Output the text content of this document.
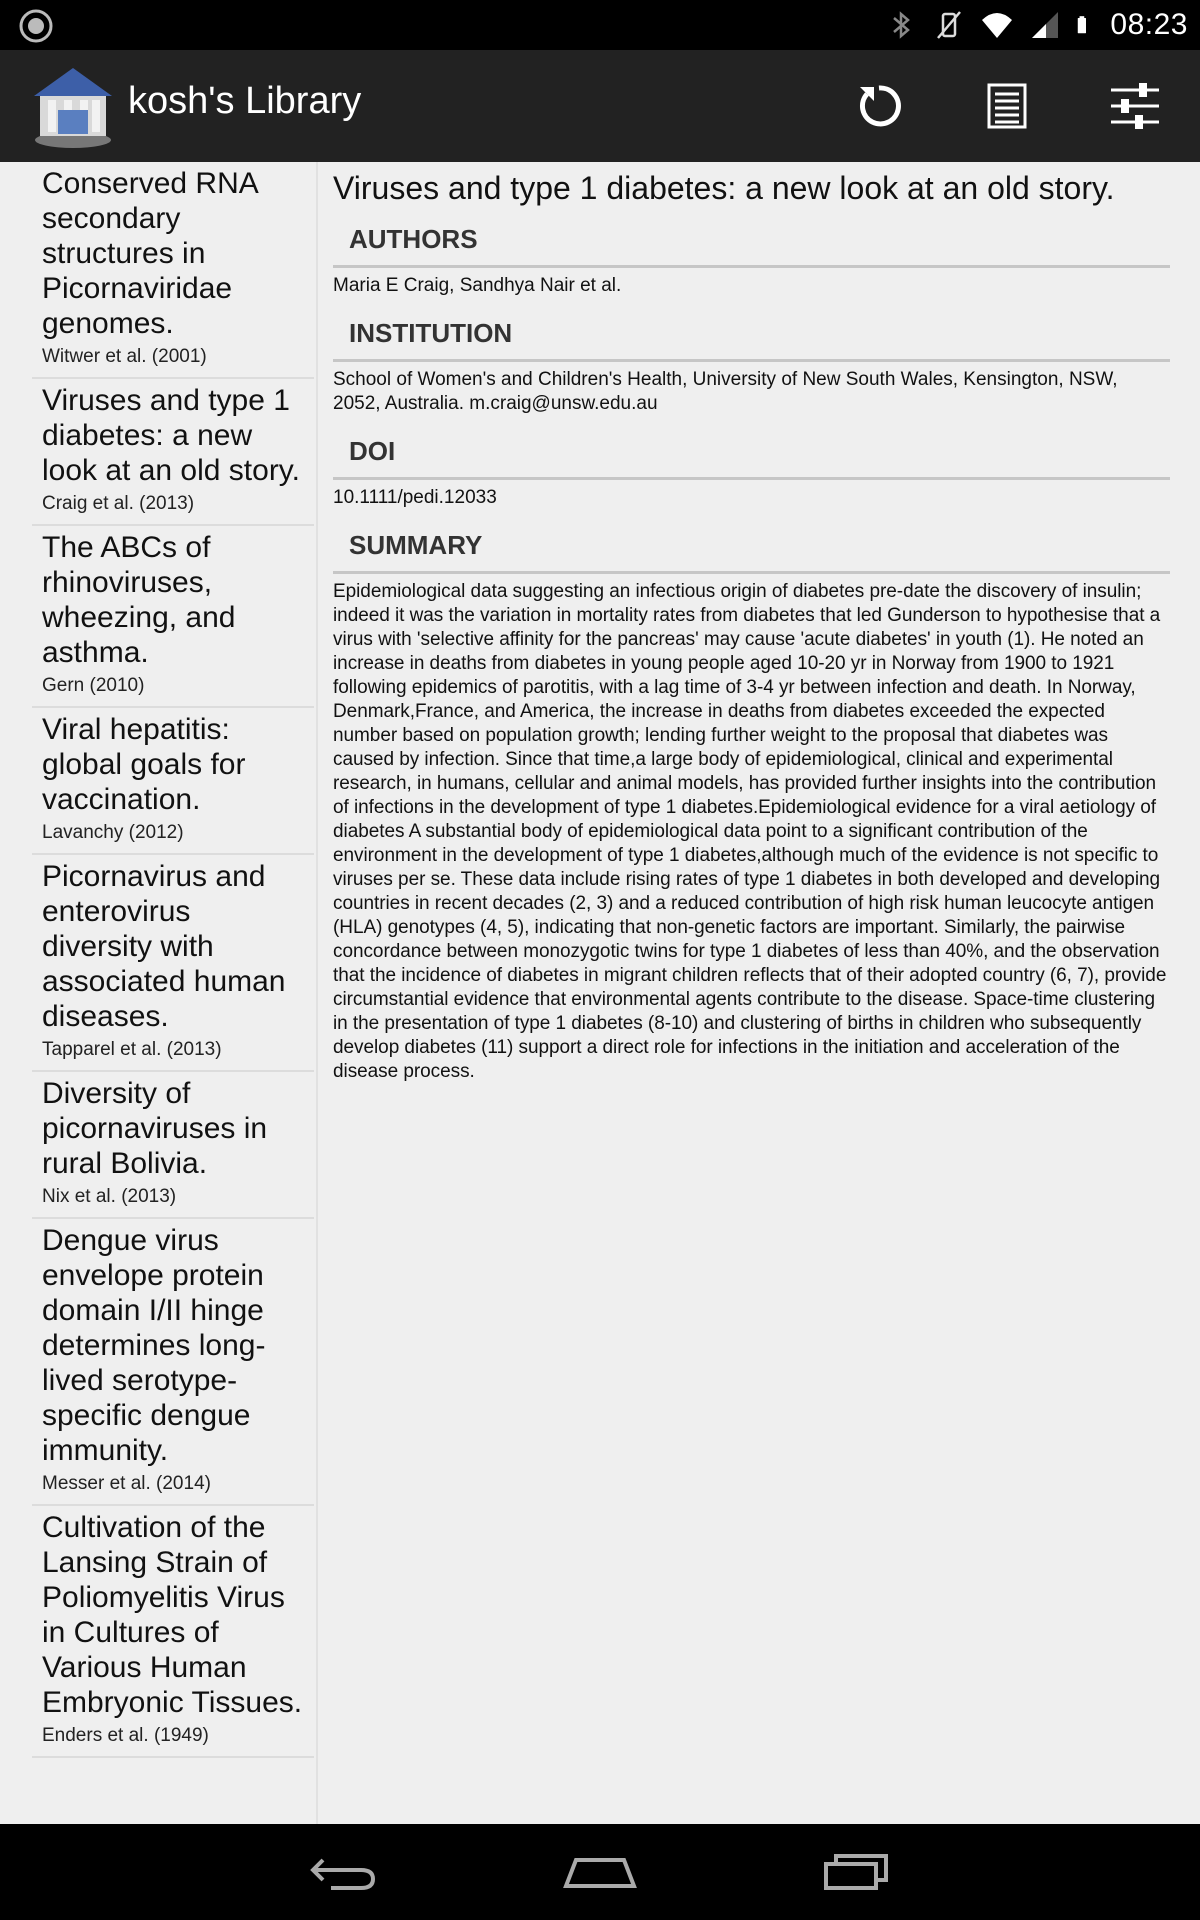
08:23
kosh's Library
Conserved RNA secondary structures in Picornaviridae genomes.
Witwer et al. (2001)
Viruses and type 1 diabetes: a new look at an old story.
Craig et al. (2013)
The ABCs of rhinoviruses, wheezing, and asthma.
Gern (2010)
Viral hepatitis: global goals for vaccination.
Lavanchy (2012)
Picornavirus and enterovirus diversity with associated human diseases.
Tapparel et al. (2013)
Diversity of picornaviruses in rural Bolivia.
Nix et al. (2013)
Dengue virus envelope protein domain I/II hinge determines long-lived serotype-specific dengue immunity.
Messer et al. (2014)
Cultivation of the Lansing Strain of Poliomyelitis Virus in Cultures of Various Human Embryonic Tissues.
Enders et al. (1949)
Viruses and type 1 diabetes: a new look at an old story.
AUTHORS
Maria E Craig, Sandhya Nair et al.
INSTITUTION
School of Women's and Children's Health, University of New South Wales, Kensington, NSW, 2052, Australia. m.craig@unsw.edu.au
DOI
10.1111/pedi.12033
SUMMARY
Epidemiological data suggesting an infectious origin of diabetes pre-date the discovery of insulin; indeed it was the variation in mortality rates from diabetes that led Gunderson to hypothesise that a virus with 'selective affinity for the pancreas' may cause 'acute diabetes' in youth (1). He noted an increase in deaths from diabetes in young people aged 10-20 yr in Norway from 1900 to 1921 following epidemics of parotitis, with a lag time of 3-4 yr between infection and death. In Norway, Denmark,France, and America, the increase in deaths from diabetes exceeded the expected number based on population growth; lending further weight to the proposal that diabetes was caused by infection. Since that time,a large body of epidemiological, clinical and experimental research, in humans, cellular and animal models, has provided further insights into the contribution of infections in the development of type 1 diabetes.Epidemiological evidence for a viral aetiology of diabetes A substantial body of epidemiological data point to a significant contribution of the environment in the development of type 1 diabetes,although much of the evidence is not specific to viruses per se. These data include rising rates of type 1 diabetes in both developed and developing countries in recent decades (2, 3) and a reduced contribution of high risk human leucocyte antigen (HLA) genotypes (4, 5), indicating that non-genetic factors are important. Similarly, the pairwise concordance between monozygotic twins for type 1 diabetes of less than 40%, and the observation that the incidence of diabetes in migrant children reflects that of their adopted country (6, 7), provide circumstantial evidence that environmental agents contribute to the disease. Space-time clustering in the presentation of type 1 diabetes (8-10) and clustering of births in children who subsequently develop diabetes (11) support a direct role for infections in the initiation and acceleration of the disease process.
